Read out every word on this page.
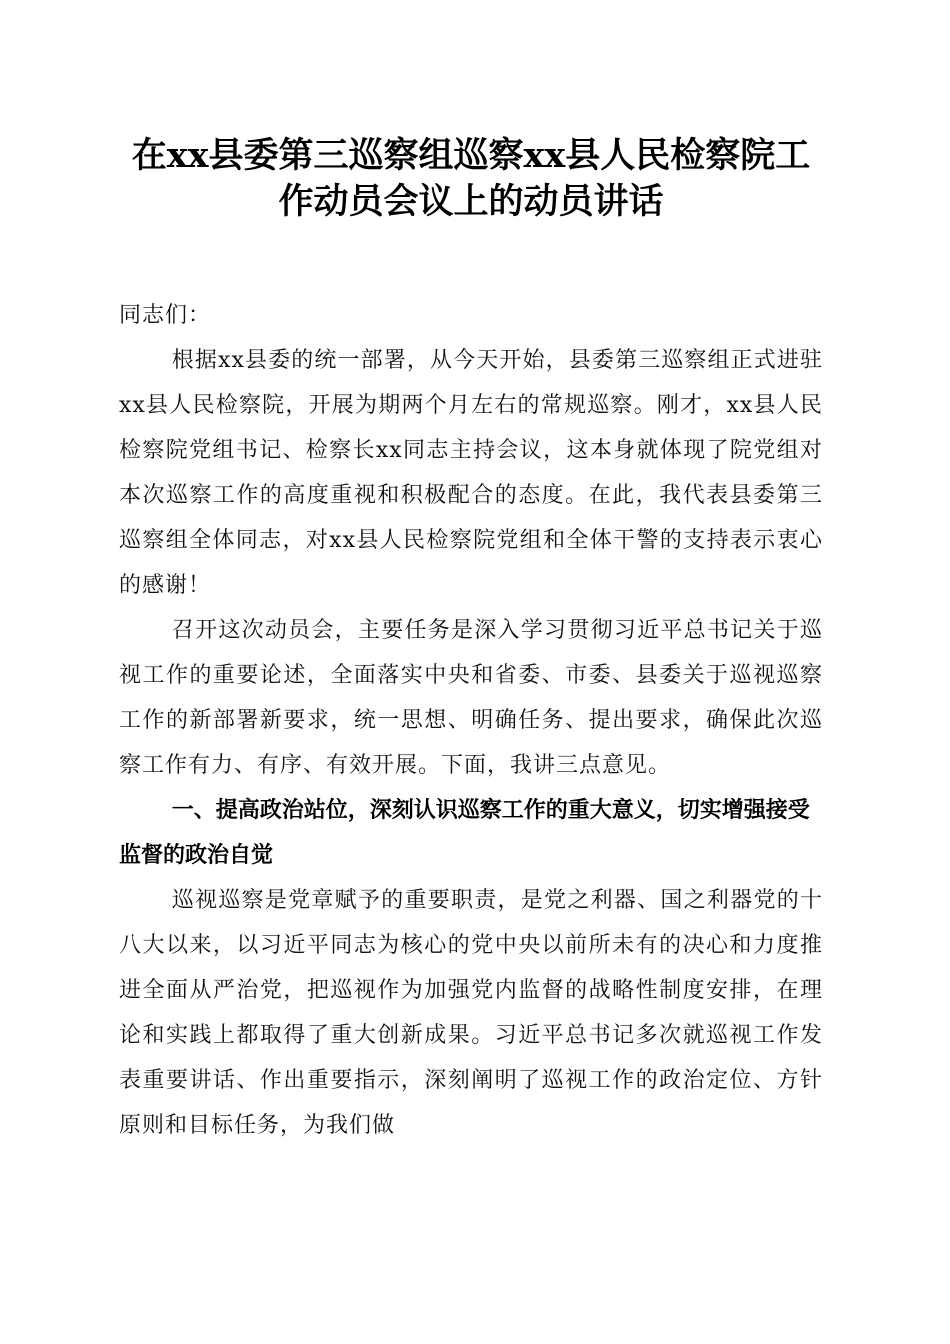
在xx县委第三巡察组巡察xx县人民检察院工
作动员会议上的动员讲话

同志们：

根据xx县委的统一部署，从今天开始，县委第三巡察组正式进驻xx县人民检察院，开展为期两个月左右的常规巡察。刚才，xx县人民检察院党组书记、检察长xx同志主持会议，这本身就体现了院党组对本次巡察工作的高度重视和积极配合的态度。在此，我代表县委第三巡察组全体同志，对xx县人民检察院党组和全体干警的支持表示衷心的感谢！

召开这次动员会，主要任务是深入学习贯彻习近平总书记关于巡视工作的重要论述，全面落实中央和省委、市委、县委关于巡视巡察工作的新部署新要求，统一思想、明确任务、提出要求，确保此次巡察工作有力、有序、有效开展。下面，我讲三点意见。

一、提高政治站位，深刻认识巡察工作的重大意义，切实增强接受监督的政治自觉

巡视巡察是党章赋予的重要职责，是党之利器、国之利器党的十八大以来，以习近平同志为核心的党中央以前所未有的决心和力度推进全面从严治党，把巡视作为加强党内监督的战略性制度安排，在理论和实践上都取得了重大创新成果。习近平总书记多次就巡视工作发表重要讲话、作出重要指示，深刻阐明了巡视工作的政治定位、方针原则和目标任务，为我们做
